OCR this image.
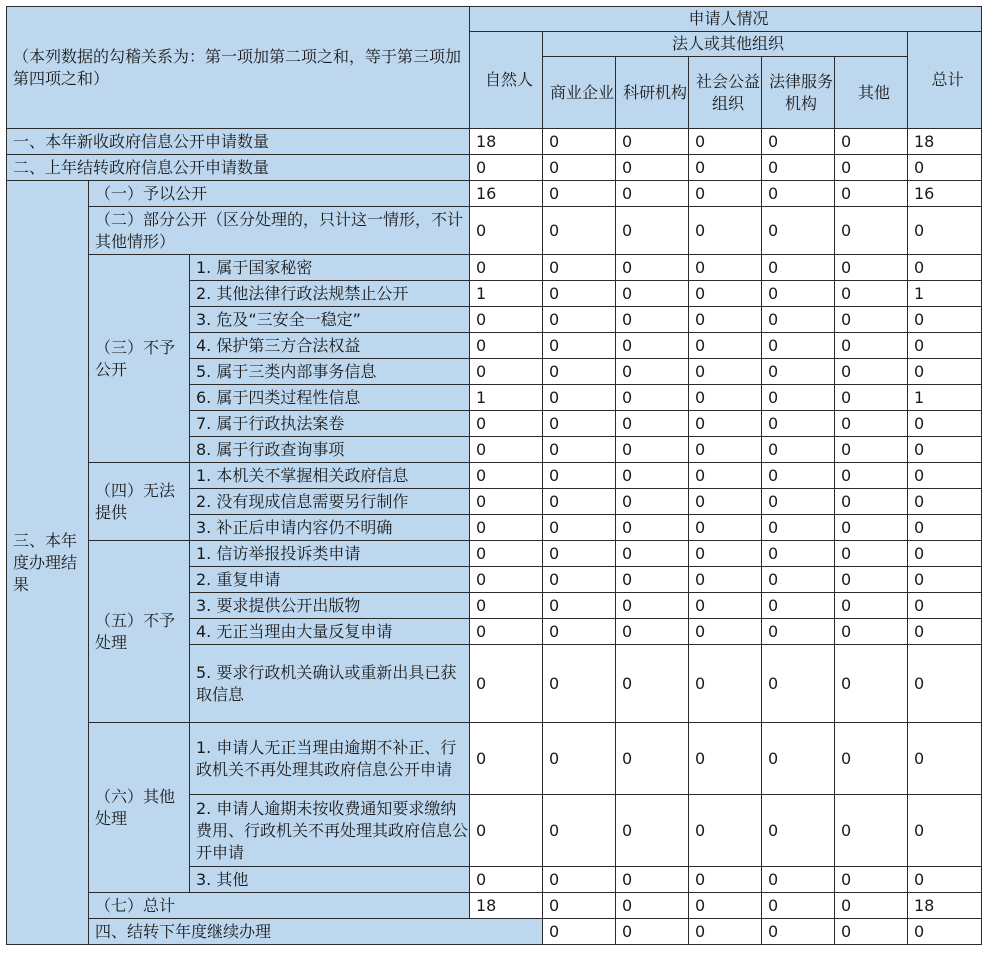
（本列数据的勾稽关系为：第一项加第二项之和，等于第三项加第四项之和）			申请人情况							
			自然人	法人或其他组织					总计	
				商业企业	科研机构	社会公益组织	法律服务机构	其他		
一、本年新收政府信息公开申请数量			18	0	0	0	0	0	18	
二、上年结转政府信息公开申请数量			0	0	0	0	0	0	0	
三、本年度办理结果	（一）予以公开		16	0	0	0	0	0	16	
	（二）部分公开（区分处理的，只计这一情形，不计其他情形）		0	0	0	0	0	0	0	
	（三）不予公开	1. 属于国家秘密	0	0	0	0	0	0	0	
		2. 其他法律行政法规禁止公开	1	0	0	0	0	0	1	
		3. 危及“三安全一稳定”	0	0	0	0	0	0	0	
		4. 保护第三方合法权益	0	0	0	0	0	0	0	
		5. 属于三类内部事务信息	0	0	0	0	0	0	0	
		6. 属于四类过程性信息	1	0	0	0	0	0	1	
		7. 属于行政执法案卷	0	0	0	0	0	0	0	
		8. 属于行政查询事项	0	0	0	0	0	0	0	
	（四）无法提供	1. 本机关不掌握相关政府信息	0	0	0	0	0	0	0	
		2. 没有现成信息需要另行制作	0	0	0	0	0	0	0	
		3. 补正后申请内容仍不明确	0	0	0	0	0	0	0	
	（五）不予处理	1. 信访举报投诉类申请	0	0	0	0	0	0	0	
		2. 重复申请	0	0	0	0	0	0	0	
		3. 要求提供公开出版物	0	0	0	0	0	0	0	
		4. 无正当理由大量反复申请	0	0	0	0	0	0	0	
		5. 要求行政机关确认或重新出具已获取信息	0	0	0	0	0	0	0	
	（六）其他处理	1. 申请人无正当理由逾期不补正、行政机关不再处理其政府信息公开申请	0	0	0	0	0	0	0	
		2. 申请人逾期未按收费通知要求缴纳费用、行政机关不再处理其政府信息公开申请	0	0	0	0	0	0	0	
		3. 其他	0	0	0	0	0	0	0	
	（七）总计		18	0	0	0	0	0	18	
	四、结转下年度继续办理			0	0	0	0	0	0	
